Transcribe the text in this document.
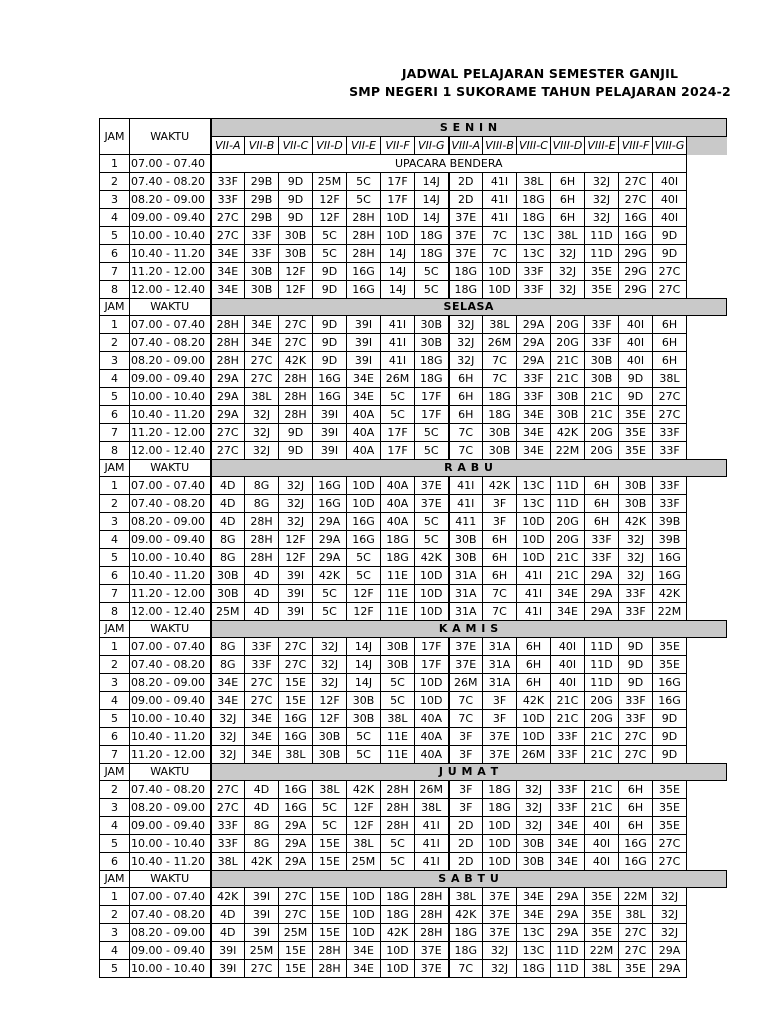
JADWAL PELAJARAN SEMESTER GANJIL
SMP NEGERI 1 SUKORAME TAHUN PELAJARAN 2024-2
JAM	WAKTU	S E N I N														
		VII-A	VII-B	VII-C	VII-D	VII-E	VII-F	VII-G	VIII-A	VIII-B	VIII-C	VIII-D	VIII-E	VIII-F	VIII-G	
1	07.00 - 07.40	UPACARA BENDERA														
2	07.40 - 08.20	33F	29B	9D	25M	5C	17F	14J	2D	41I	38L	6H	32J	27C	40I	
3	08.20 - 09.00	33F	29B	9D	12F	5C	17F	14J	2D	41I	18G	6H	32J	27C	40I	
4	09.00 - 09.40	27C	29B	9D	12F	28H	10D	14J	37E	41I	18G	6H	32J	16G	40I	
5	10.00 - 10.40	27C	33F	30B	5C	28H	10D	18G	37E	7C	13C	38L	11D	16G	9D	
6	10.40 - 11.20	34E	33F	30B	5C	28H	14J	18G	37E	7C	13C	32J	11D	29G	9D	
7	11.20 - 12.00	34E	30B	12F	9D	16G	14J	5C	18G	10D	33F	32J	35E	29G	27C	
8	12.00 - 12.40	34E	30B	12F	9D	16G	14J	5C	18G	10D	33F	32J	35E	29G	27C	
JAM	WAKTU	SELASA														
1	07.00 - 07.40	28H	34E	27C	9D	39I	41I	30B	32J	38L	29A	20G	33F	40I	6H	
2	07.40 - 08.20	28H	34E	27C	9D	39I	41I	30B	32J	26M	29A	20G	33F	40I	6H	
3	08.20 - 09.00	28H	27C	42K	9D	39I	41I	18G	32J	7C	29A	21C	30B	40I	6H	
4	09.00 - 09.40	29A	27C	28H	16G	34E	26M	18G	6H	7C	33F	21C	30B	9D	38L	
5	10.00 - 10.40	29A	38L	28H	16G	34E	5C	17F	6H	18G	33F	30B	21C	9D	27C	
6	10.40 - 11.20	29A	32J	28H	39I	40A	5C	17F	6H	18G	34E	30B	21C	35E	27C	
7	11.20 - 12.00	27C	32J	9D	39I	40A	17F	5C	7C	30B	34E	42K	20G	35E	33F	
8	12.00 - 12.40	27C	32J	9D	39I	40A	17F	5C	7C	30B	34E	22M	20G	35E	33F	
JAM	WAKTU	R A B U														
1	07.00 - 07.40	4D	8G	32J	16G	10D	40A	37E	41I	42K	13C	11D	6H	30B	33F	
2	07.40 - 08.20	4D	8G	32J	16G	10D	40A	37E	41I	3F	13C	11D	6H	30B	33F	
3	08.20 - 09.00	4D	28H	32J	29A	16G	40A	5C	411	3F	10D	20G	6H	42K	39B	
4	09.00 - 09.40	8G	28H	12F	29A	16G	18G	5C	30B	6H	10D	20G	33F	32J	39B	
5	10.00 - 10.40	8G	28H	12F	29A	5C	18G	42K	30B	6H	10D	21C	33F	32J	16G	
6	10.40 - 11.20	30B	4D	39I	42K	5C	11E	10D	31A	6H	41I	21C	29A	32J	16G	
7	11.20 - 12.00	30B	4D	39I	5C	12F	11E	10D	31A	7C	41I	34E	29A	33F	42K	
8	12.00 - 12.40	25M	4D	39I	5C	12F	11E	10D	31A	7C	41I	34E	29A	33F	22M	
JAM	WAKTU	K A M I S														
1	07.00 - 07.40	8G	33F	27C	32J	14J	30B	17F	37E	31A	6H	40I	11D	9D	35E	
2	07.40 - 08.20	8G	33F	27C	32J	14J	30B	17F	37E	31A	6H	40I	11D	9D	35E	
3	08.20 - 09.00	34E	27C	15E	32J	14J	5C	10D	26M	31A	6H	40I	11D	9D	16G	
4	09.00 - 09.40	34E	27C	15E	12F	30B	5C	10D	7C	3F	42K	21C	20G	33F	16G	
5	10.00 - 10.40	32J	34E	16G	12F	30B	38L	40A	7C	3F	10D	21C	20G	33F	9D	
6	10.40 - 11.20	32J	34E	16G	30B	5C	11E	40A	3F	37E	10D	33F	21C	27C	9D	
7	11.20 - 12.00	32J	34E	38L	30B	5C	11E	40A	3F	37E	26M	33F	21C	27C	9D	
JAM	WAKTU	J U M A T														
2	07.40 - 08.20	27C	4D	16G	38L	42K	28H	26M	3F	18G	32J	33F	21C	6H	35E	
3	08.20 - 09.00	27C	4D	16G	5C	12F	28H	38L	3F	18G	32J	33F	21C	6H	35E	
4	09.00 - 09.40	33F	8G	29A	5C	12F	28H	41I	2D	10D	32J	34E	40I	6H	35E	
5	10.00 - 10.40	33F	8G	29A	15E	38L	5C	41I	2D	10D	30B	34E	40I	16G	27C	
6	10.40 - 11.20	38L	42K	29A	15E	25M	5C	41I	2D	10D	30B	34E	40I	16G	27C	
JAM	WAKTU	S A B T U														
1	07.00 - 07.40	42K	39I	27C	15E	10D	18G	28H	38L	37E	34E	29A	35E	22M	32J	
2	07.40 - 08.20	4D	39I	27C	15E	10D	18G	28H	42K	37E	34E	29A	35E	38L	32J	
3	08.20 - 09.00	4D	39I	25M	15E	10D	42K	28H	18G	37E	13C	29A	35E	27C	32J	
4	09.00 - 09.40	39I	25M	15E	28H	34E	10D	37E	18G	32J	13C	11D	22M	27C	29A	
5	10.00 - 10.40	39I	27C	15E	28H	34E	10D	37E	7C	32J	18G	11D	38L	35E	29A	
